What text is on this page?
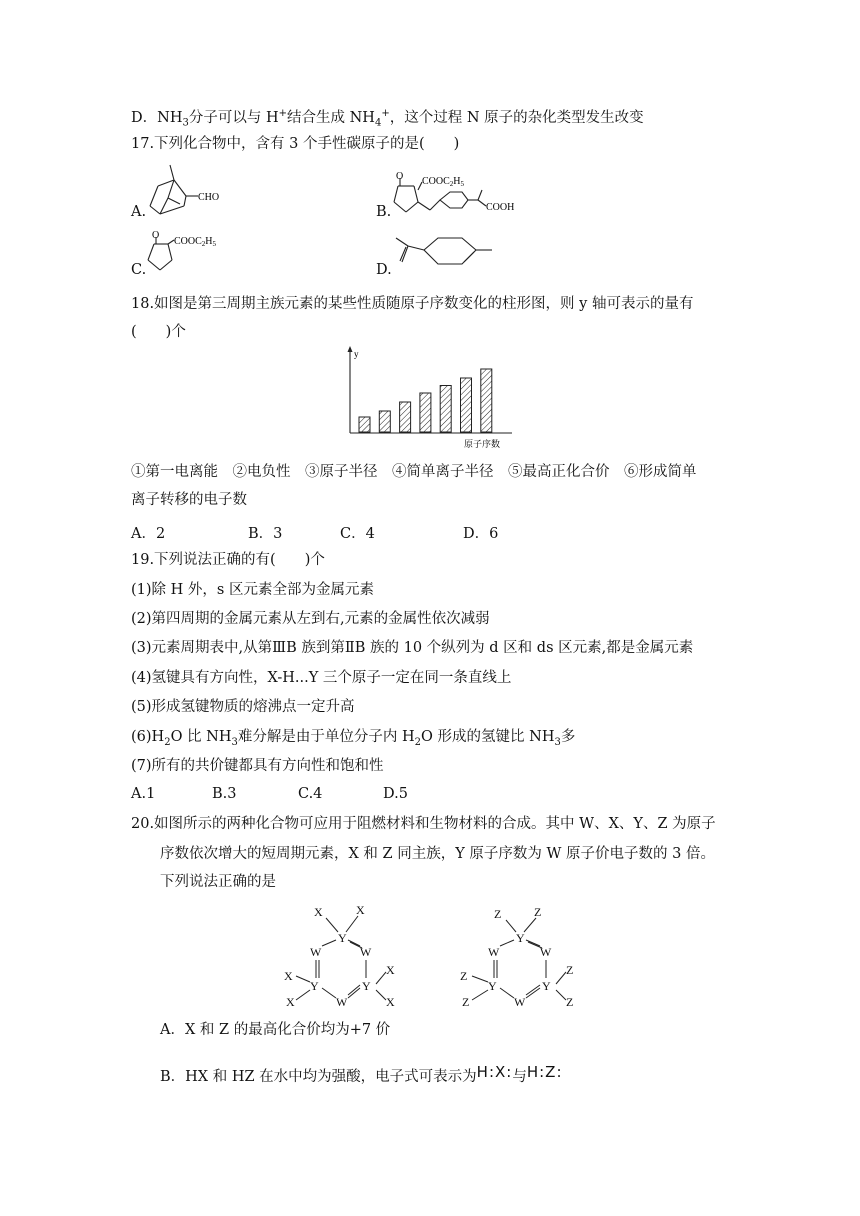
D．$NH_3$分子可以与 H+结合生成 $NH_4^+$，这个过程 N 原子的杂化类型发生改变
17.下列化合物中，含有 3 个手性碳原子的是(　　)
CHO
A.
O $COOC_2H_5$
COOH
B.
O
$COOC_2H_5$
C.	D.
18.如图是第三周期主族元素的某些性质随原子序数变化的柱形图，则 y 轴可表示的量有
(　　)个
y
原子序数
①第一电离能　②电负性　③原子半径　④简单离子半径　⑤最高正化合价　⑥形成简单
离子转移的电子数
A．2	B．3	C．4	D．6
19.下列说法正确的有(　　)个
(1)除 H 外，s 区元素全部为金属元素
(2)第四周期的金属元素从左到右,元素的金属性依次减弱
(3)元素周期表中,从第ⅢB 族到第ⅡB 族的 10 个纵列为 d 区和 ds 区元素,都是金属元素
(4)氢键具有方向性，X-H...Y 三个原子一定在同一条直线上
(5)形成氢键物质的熔沸点一定升高
$(6)H_2O$ 比 $NH_3$难分解是由于单位分子内 $H_2O$ 形成的氢键比 $NH_3$多
(7)所有的共价键都具有方向性和饱和性
A.1	B.3	C.4	D.5
20.如图所示的两种化合物可应用于阻燃材料和生物材料的合成。其中 W、X、Y、Z 为原子
序数依次增大的短周期元素，X 和 Z 同主族，Y 原子序数为 W 原子价电子数的 3 倍。
下列说法正确的是
X	X
Y
W	W
X	X
Y	Y
W
X	X
Z	Z
Y
W	W
Z	Z
Y	Y
W
Z	Z
A．X 和 Z 的最高化合价均为+7 价
B．HX 和 HZ 在水中均为强酸，电子式可表示为H:X:与H:Z:
